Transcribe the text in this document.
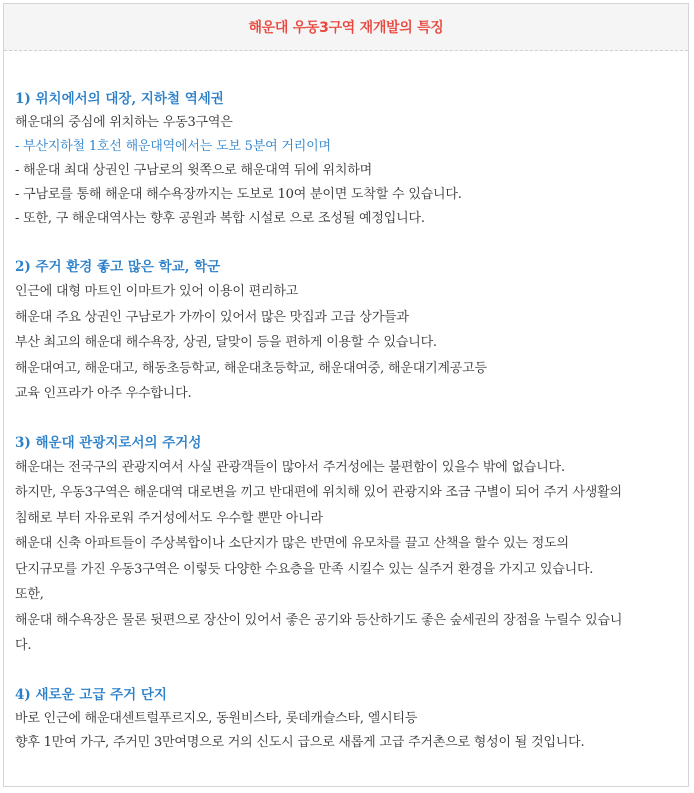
해운대 우동3구역 재개발의 특징

1) 위치에서의 대장, 지하철 역세권

해운대의 중심에 위치하는 우동3구역은
- 부산지하철 1호선 해운대역에서는 도보 5분여 거리이며
- 해운대 최대 상권인 구남로의 윗쪽으로 해운대역 뒤에 위치하며
- 구남로를 통해 해운대 해수욕장까지는 도보로 10여 분이면 도착할 수 있습니다.
- 또한, 구 해운대역사는 향후 공원과 복합 시설로 으로 조성될 예정입니다.

2) 주거 환경 좋고 많은 학교, 학군

인근에 대형 마트인 이마트가 있어 이용이 편리하고
해운대 주요 상권인 구남로가 가까이 있어서 많은 맛집과 고급 상가들과
부산 최고의 해운대 해수욕장, 상권, 달맞이 등을 편하게 이용할 수 있습니다.
해운대여고, 해운대고, 해동초등학교, 해운대초등학교, 해운대여중, 해운대기계공고등
교육 인프라가 아주 우수합니다.

3) 해운대 관광지로서의 주거성

해운대는 전국구의 관광지여서 사실 관광객들이 많아서 주거성에는 불편함이 있을수 밖에 없습니다.
하지만, 우동3구역은 해운대역 대로변을 끼고 반대편에 위치해 있어 관광지와 조금 구별이 되어 주거 사생활의
침해로 부터 자유로워 주거성에서도 우수할 뿐만 아니라
해운대 신축 아파트들이 주상복합이나 소단지가 많은 반면에 유모차를 끌고 산책을 할수 있는 정도의
단지규모를 가진 우동3구역은 이렇듯 다양한 수요층을 만족 시킬수 있는 실주거 환경을 가지고 있습니다.
또한,
해운대 해수욕장은 물론 뒷편으로 장산이 있어서 좋은 공기와 등산하기도 좋은 숲세권의 장점을 누릴수 있습니
다.

4) 새로운 고급 주거 단지

바로 인근에 해운대센트럴푸르지오, 동원비스타, 롯데캐슬스타, 엘시티등
향후 1만여 가구, 주거민 3만여명으로 거의 신도시 급으로 새롭게 고급 주거촌으로 형성이 될 것입니다.
